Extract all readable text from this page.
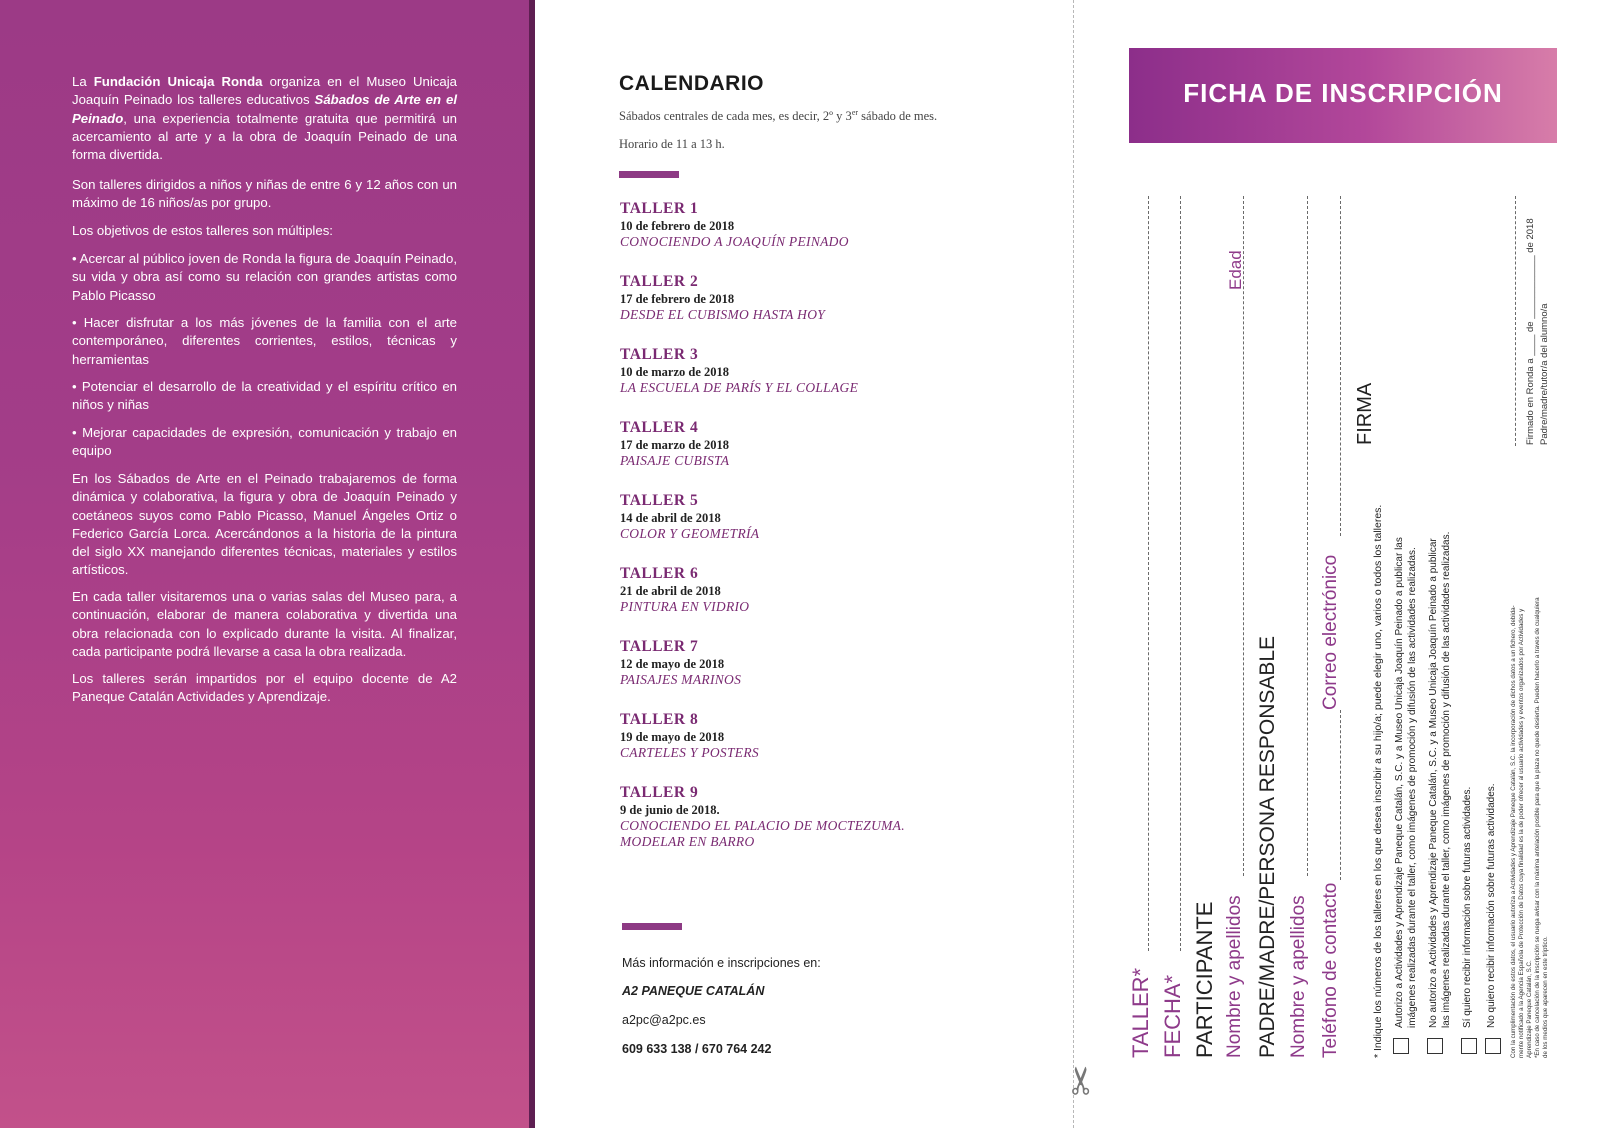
La Fundación Unicaja Ronda organiza en el Museo Unicaja Joaquín Peinado los talleres educativos Sábados de Arte en el Peinado, una experiencia totalmente gratuita que permitirá un acercamiento al arte y a la obra de Joaquín Peinado de una forma divertida.
Son talleres dirigidos a niños y niñas de entre 6 y 12 años con un máximo de 16 niños/as por grupo.
Los objetivos de estos talleres son múltiples:
• Acercar al público joven de Ronda la figura de Joaquín Peinado, su vida y obra así como su relación con grandes artistas como Pablo Picasso
• Hacer disfrutar a los más jóvenes de la familia con el arte contemporáneo, diferentes corrientes, estilos, técnicas y herramientas
• Potenciar el desarrollo de la creatividad y el espíritu crítico en niños y niñas
• Mejorar capacidades de expresión, comunicación y trabajo en equipo
En los Sábados de Arte en el Peinado trabajaremos de forma dinámica y colaborativa, la figura y obra de Joaquín Peinado y coetáneos suyos como Pablo Picasso, Manuel Ángeles Ortiz o Federico García Lorca. Acercándonos a la historia de la pintura del siglo XX manejando diferentes técnicas, materiales y estilos artísticos.
En cada taller visitaremos una o varias salas del Museo para, a continuación, elaborar de manera colaborativa y divertida una obra relacionada con lo explicado durante la visita. Al finalizar, cada participante podrá llevarse a casa la obra realizada.
Los talleres serán impartidos por el equipo docente de A2 Paneque Catalán Actividades y Aprendizaje.
CALENDARIO
Sábados centrales de cada mes, es decir, 2º y 3er sábado de mes.
Horario de 11 a 13 h.
TALLER 1
10 de febrero de 2018
CONOCIENDO A JOAQUÍN PEINADO
TALLER 2
17 de febrero de 2018
DESDE EL CUBISMO HASTA HOY
TALLER 3
10 de marzo de 2018
LA ESCUELA DE PARÍS Y EL COLLAGE
TALLER 4
17 de marzo de 2018
PAISAJE CUBISTA
TALLER 5
14 de abril de 2018
COLOR Y GEOMETRÍA
TALLER 6
21 de abril de 2018
PINTURA EN VIDRIO
TALLER 7
12 de mayo de 2018
PAISAJES MARINOS
TALLER 8
19 de mayo de 2018
CARTELES Y POSTERS
TALLER 9
9 de junio de 2018.
CONOCIENDO EL PALACIO DE MOCTEZUMA.
MODELAR EN BARRO
Más información e inscripciones en:
A2 PANEQUE CATALÁN
a2pc@a2pc.es
609 633 138 / 670 764 242
✂
FICHA DE INSCRIPCIÓN
TALLER* FECHA* PARTICIPANTE Nombre y apellidos
Edad
PADRE/MADRE/PERSONA RESPONSABLE Nombre y apellidos Teléfono de contacto
Correo electrónico
FIRMA
* Indique los números de los talleres en los que desea inscribir a su hijo/a; puede elegir uno, varios o todos los talleres. Autorizo a Actividades y Aprendizaje Paneque Catalán, S.C. y a Museo Unicaja Joaquín Peinado a publicar las imágenes realizadas durante el taller, como imágenes de promoción y difusión de las actividades realizadas. No autorizo a Actividades y Aprendizaje Paneque Catalán, S.C. y a Museo Unicaja Joaquín Peinado a publicar las imágenes realizadas durante el taller, como imágenes de promoción y difusión de las actividades realizadas. Sí quiero recibir información sobre futuras actividades. No quiero recibir información sobre futuras actividades. Con la cumplimentación de estos datos, el usuario autoriza a Actividades y Aprendizaje Paneque Catalán, S.C. la incorporación de dichos datos a un fichero, debida- mente notificado a la Agencia Española de Protección de Datos cuya finalidad es la de poder ofrecer al usuario actividades y eventos organizados por Actividades y Aprendizaje Paneque Catalán, S.C. *En caso de cancelación de la inscripción se ruega avisar con la máxima antelación posible para que la plaza no quede desierta. Pueden hacerlo a traves de cualquiera de los medios que aparecen en este tríptico.
Firmado en Ronda a ____ de ____________ de 2018 Padre/madre/tutor/a del alumno/a
